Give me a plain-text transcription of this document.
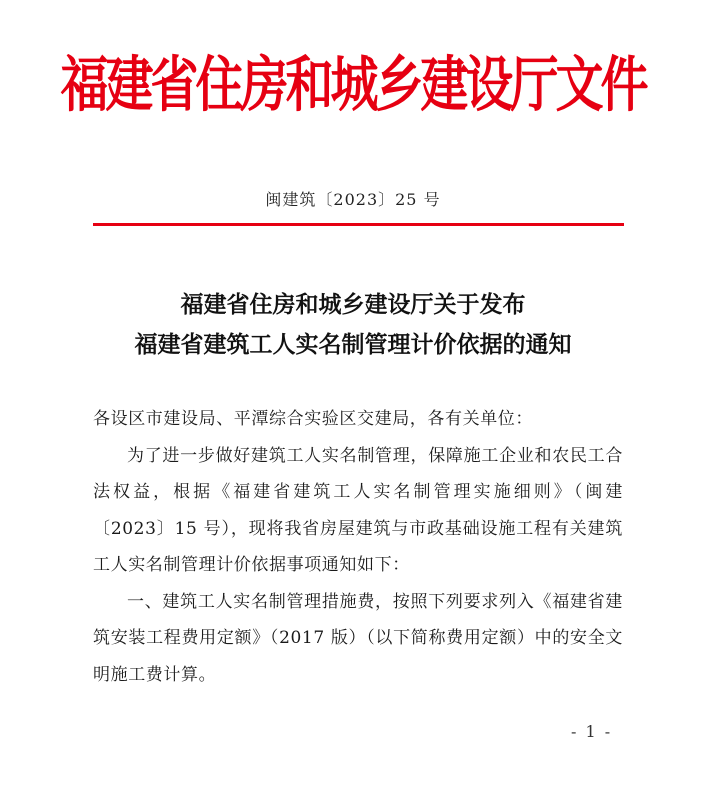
福建省住房和城乡建设厅文件
闽建筑〔2023〕25 号
福建省住房和城乡建设厅关于发布
福建省建筑工人实名制管理计价依据的通知

各设区市建设局、平潭综合实验区交建局，各有关单位：

为了进一步做好建筑工人实名制管理，保障施工企业和农民工合法权益，根据《福建省建筑工人实名制管理实施细则》（闽建〔2023〕15 号），现将我省房屋建筑与市政基础设施工程有关建筑工人实名制管理计价依据事项通知如下：

一、建筑工人实名制管理措施费，按照下列要求列入《福建省建筑安装工程费用定额》（2017 版）（以下简称费用定额）中的安全文明施工费计算。

- 1 -
